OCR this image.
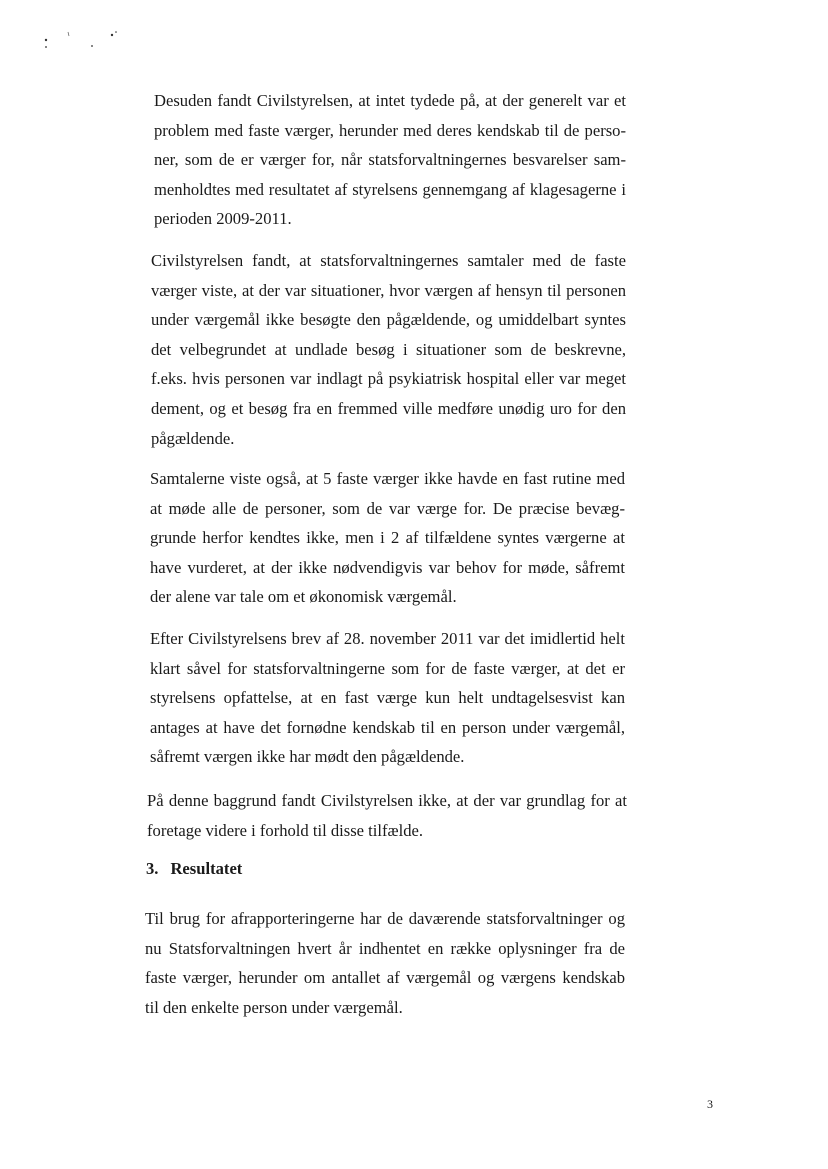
Desuden fandt Civilstyrelsen, at intet tydede på, at der generelt var et
problem med faste værger, herunder med deres kendskab til de perso-
ner, som de er værger for, når statsforvaltningernes besvarelser sam-
menholdtes med resultatet af styrelsens gennemgang af klagesagerne i
perioden 2009-2011.

Civilstyrelsen fandt, at statsforvaltningernes samtaler med de faste
værger viste, at der var situationer, hvor værgen af hensyn til personen
under værgemål ikke besøgte den pågældende, og umiddelbart syntes
det velbegrundet at undlade besøg i situationer som de beskrevne,
f.eks. hvis personen var indlagt på psykiatrisk hospital eller var meget
dement, og et besøg fra en fremmed ville medføre unødig uro for den
pågældende.

Samtalerne viste også, at 5 faste værger ikke havde en fast rutine med
at møde alle de personer, som de var værge for. De præcise bevæg-
grunde herfor kendtes ikke, men i 2 af tilfældene syntes værgerne at
have vurderet, at der ikke nødvendigvis var behov for møde, såfremt
der alene var tale om et økonomisk værgemål.

Efter Civilstyrelsens brev af 28. november 2011 var det imidlertid helt
klart såvel for statsforvaltningerne som for de faste værger, at det er
styrelsens opfattelse, at en fast værge kun helt undtagelsesvist kan
antages at have det fornødne kendskab til en person under værgemål,
såfremt værgen ikke har mødt den pågældende.

På denne baggrund fandt Civilstyrelsen ikke, at der var grundlag for at
foretage videre i forhold til disse tilfælde.

3. Resultatet

Til brug for afrapporteringerne har de daværende statsforvaltninger og
nu Statsforvaltningen hvert år indhentet en række oplysninger fra de
faste værger, herunder om antallet af værgemål og værgens kendskab
til den enkelte person under værgemål.

3
